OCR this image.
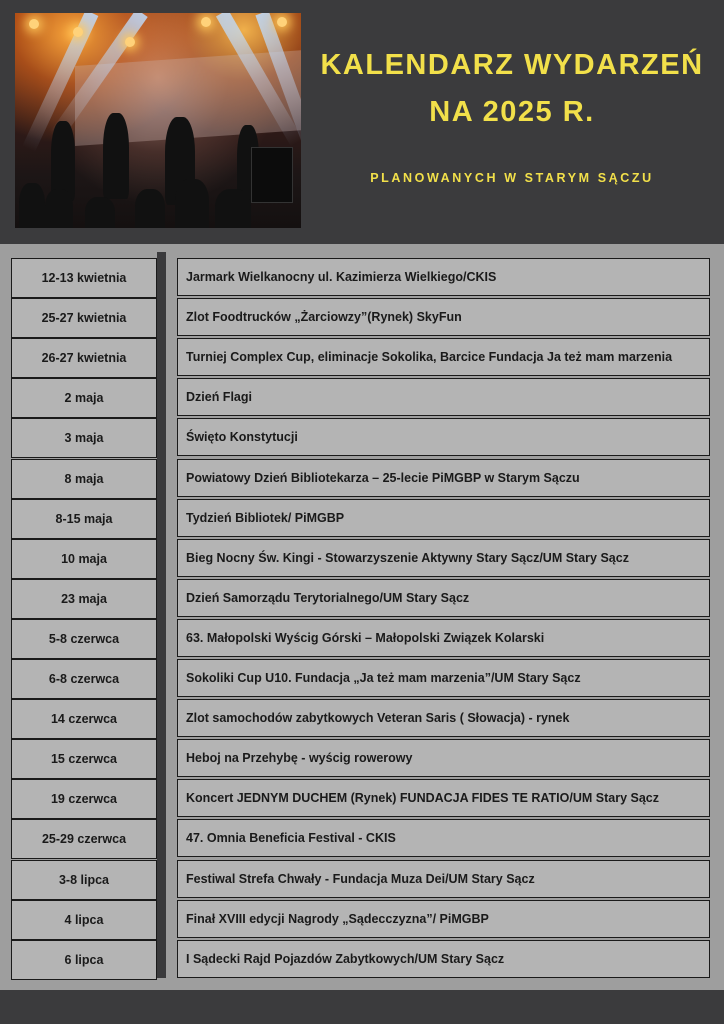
KALENDARZ WYDARZEŃ
NA 2025 R.
PLANOWANYCH W STARYM SĄCZU
12-13 kwietnia	Jarmark Wielkanocny ul. Kazimierza Wielkiego/CKIS
25-27 kwietnia	Zlot Foodtrucków „Żarciowzy”(Rynek) SkyFun
26-27 kwietnia	Turniej Complex Cup, eliminacje Sokolika, Barcice Fundacja Ja też mam marzenia
2 maja	Dzień Flagi
3 maja	Święto Konstytucji
8 maja	Powiatowy Dzień Bibliotekarza – 25-lecie PiMGBP w Starym Sączu
8-15 maja	Tydzień Bibliotek/ PiMGBP
10 maja	Bieg Nocny Św. Kingi - Stowarzyszenie Aktywny Stary Sącz/UM Stary Sącz
23 maja	Dzień Samorządu Terytorialnego/UM Stary Sącz
5-8 czerwca	63. Małopolski Wyścig Górski – Małopolski Związek Kolarski
6-8 czerwca	Sokoliki Cup U10. Fundacja „Ja też mam marzenia”/UM Stary Sącz
14 czerwca	Zlot samochodów zabytkowych Veteran Saris ( Słowacja) - rynek
15 czerwca	Heboj na Przehybę - wyścig rowerowy
19 czerwca	Koncert JEDNYM DUCHEM (Rynek) FUNDACJA FIDES TE RATIO/UM Stary Sącz
25-29 czerwca	47. Omnia Beneficia Festival - CKIS
3-8 lipca	Festiwal Strefa Chwały - Fundacja Muza Dei/UM Stary Sącz
4 lipca	Finał XVIII edycji Nagrody „Sądecczyzna”/ PiMGBP
6 lipca	I Sądecki Rajd Pojazdów Zabytkowych/UM Stary Sącz
